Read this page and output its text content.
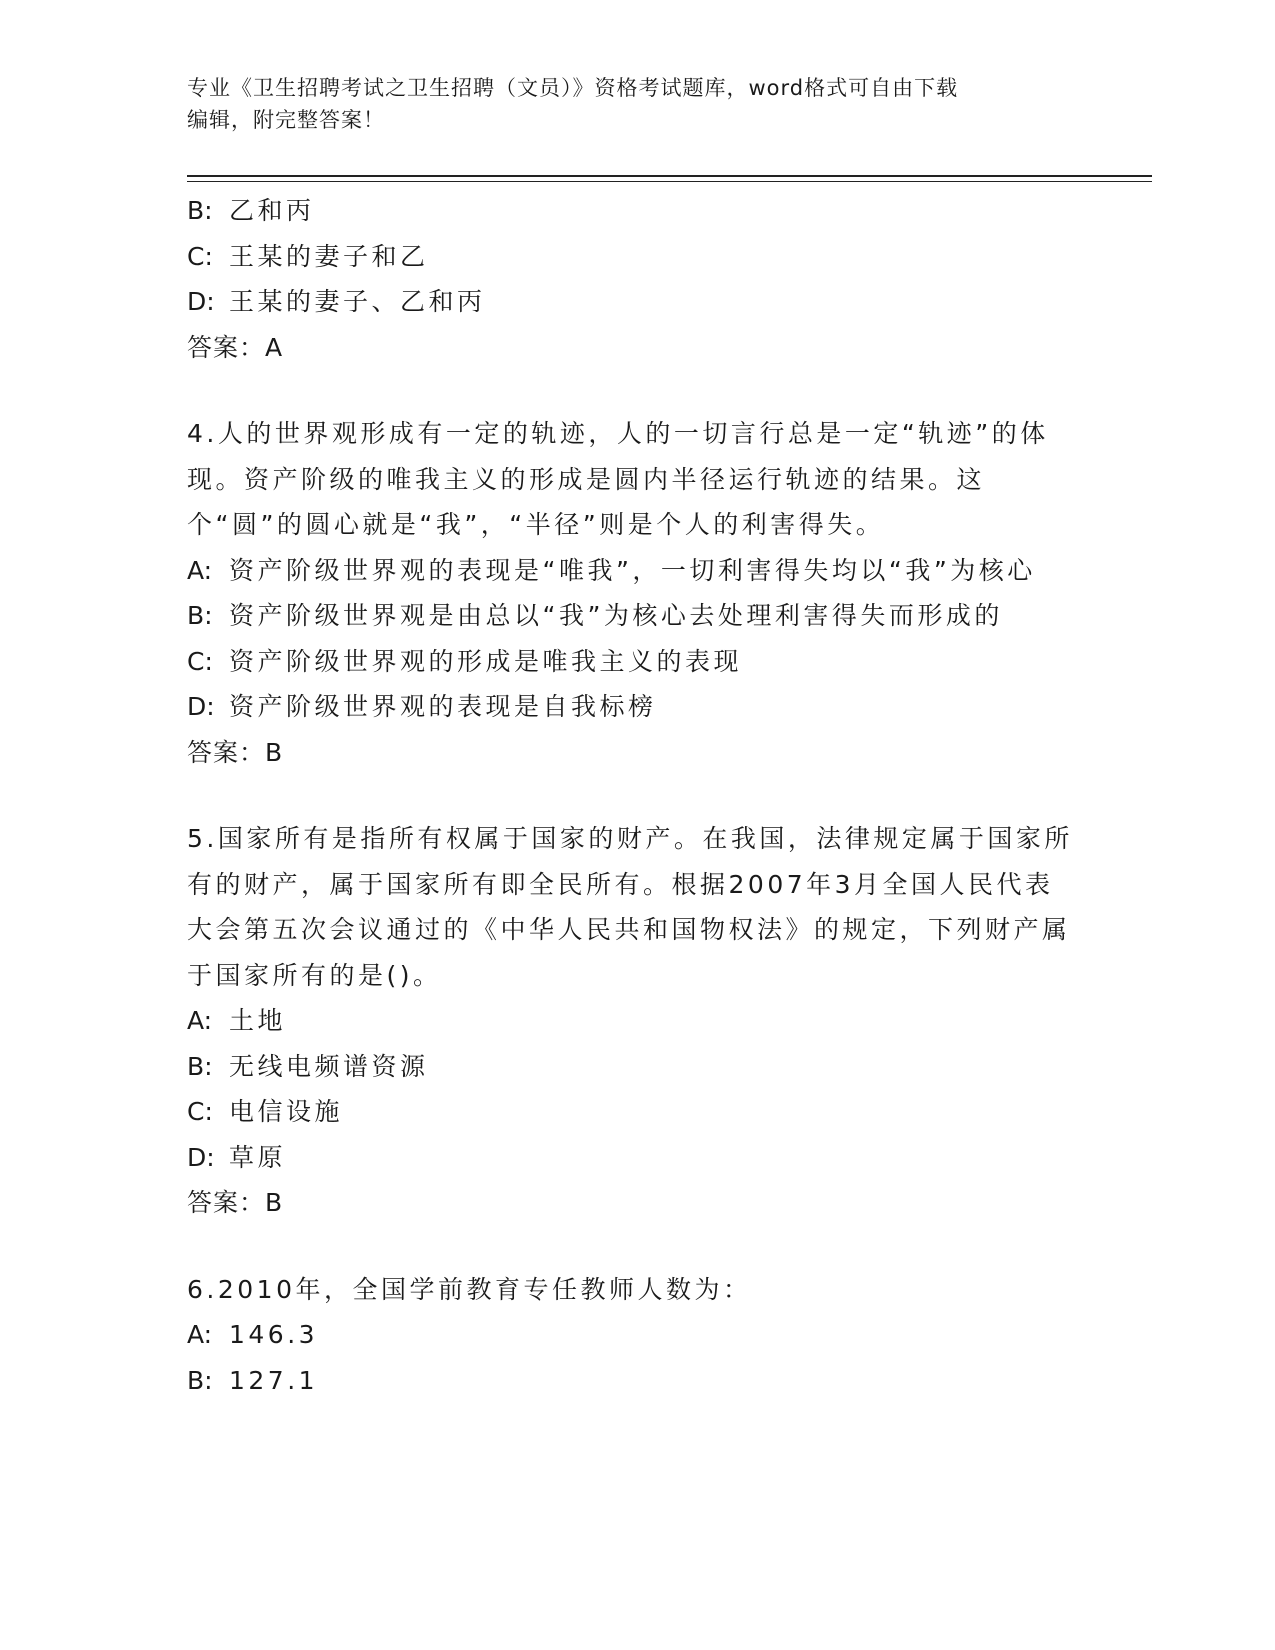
专业《卫生招聘考试之卫生招聘（文员）》资格考试题库，word格式可自由下载
编辑，附完整答案！
B: 乙和丙
C: 王某的妻子和乙
D: 王某的妻子、乙和丙
答案：A
4.人的世界观形成有一定的轨迹，人的一切言行总是一定“轨迹”的体现。资产阶级的唯我主义的形成是圆内半径运行轨迹的结果。这个“圆”的圆心就是“我”，“半径”则是个人的利害得失。
A: 资产阶级世界观的表现是“唯我”，一切利害得失均以“我”为核心
B: 资产阶级世界观是由总以“我”为核心去处理利害得失而形成的
C: 资产阶级世界观的形成是唯我主义的表现
D: 资产阶级世界观的表现是自我标榜
答案：B
5.国家所有是指所有权属于国家的财产。在我国，法律规定属于国家所有的财产，属于国家所有即全民所有。根据2007年3月全国人民代表大会第五次会议通过的《中华人民共和国物权法》的规定，下列财产属于国家所有的是()。
A: 土地
B: 无线电频谱资源
C: 电信设施
D: 草原
答案：B
6.2010年，全国学前教育专任教师人数为：
A: 146.3
B: 127.1
